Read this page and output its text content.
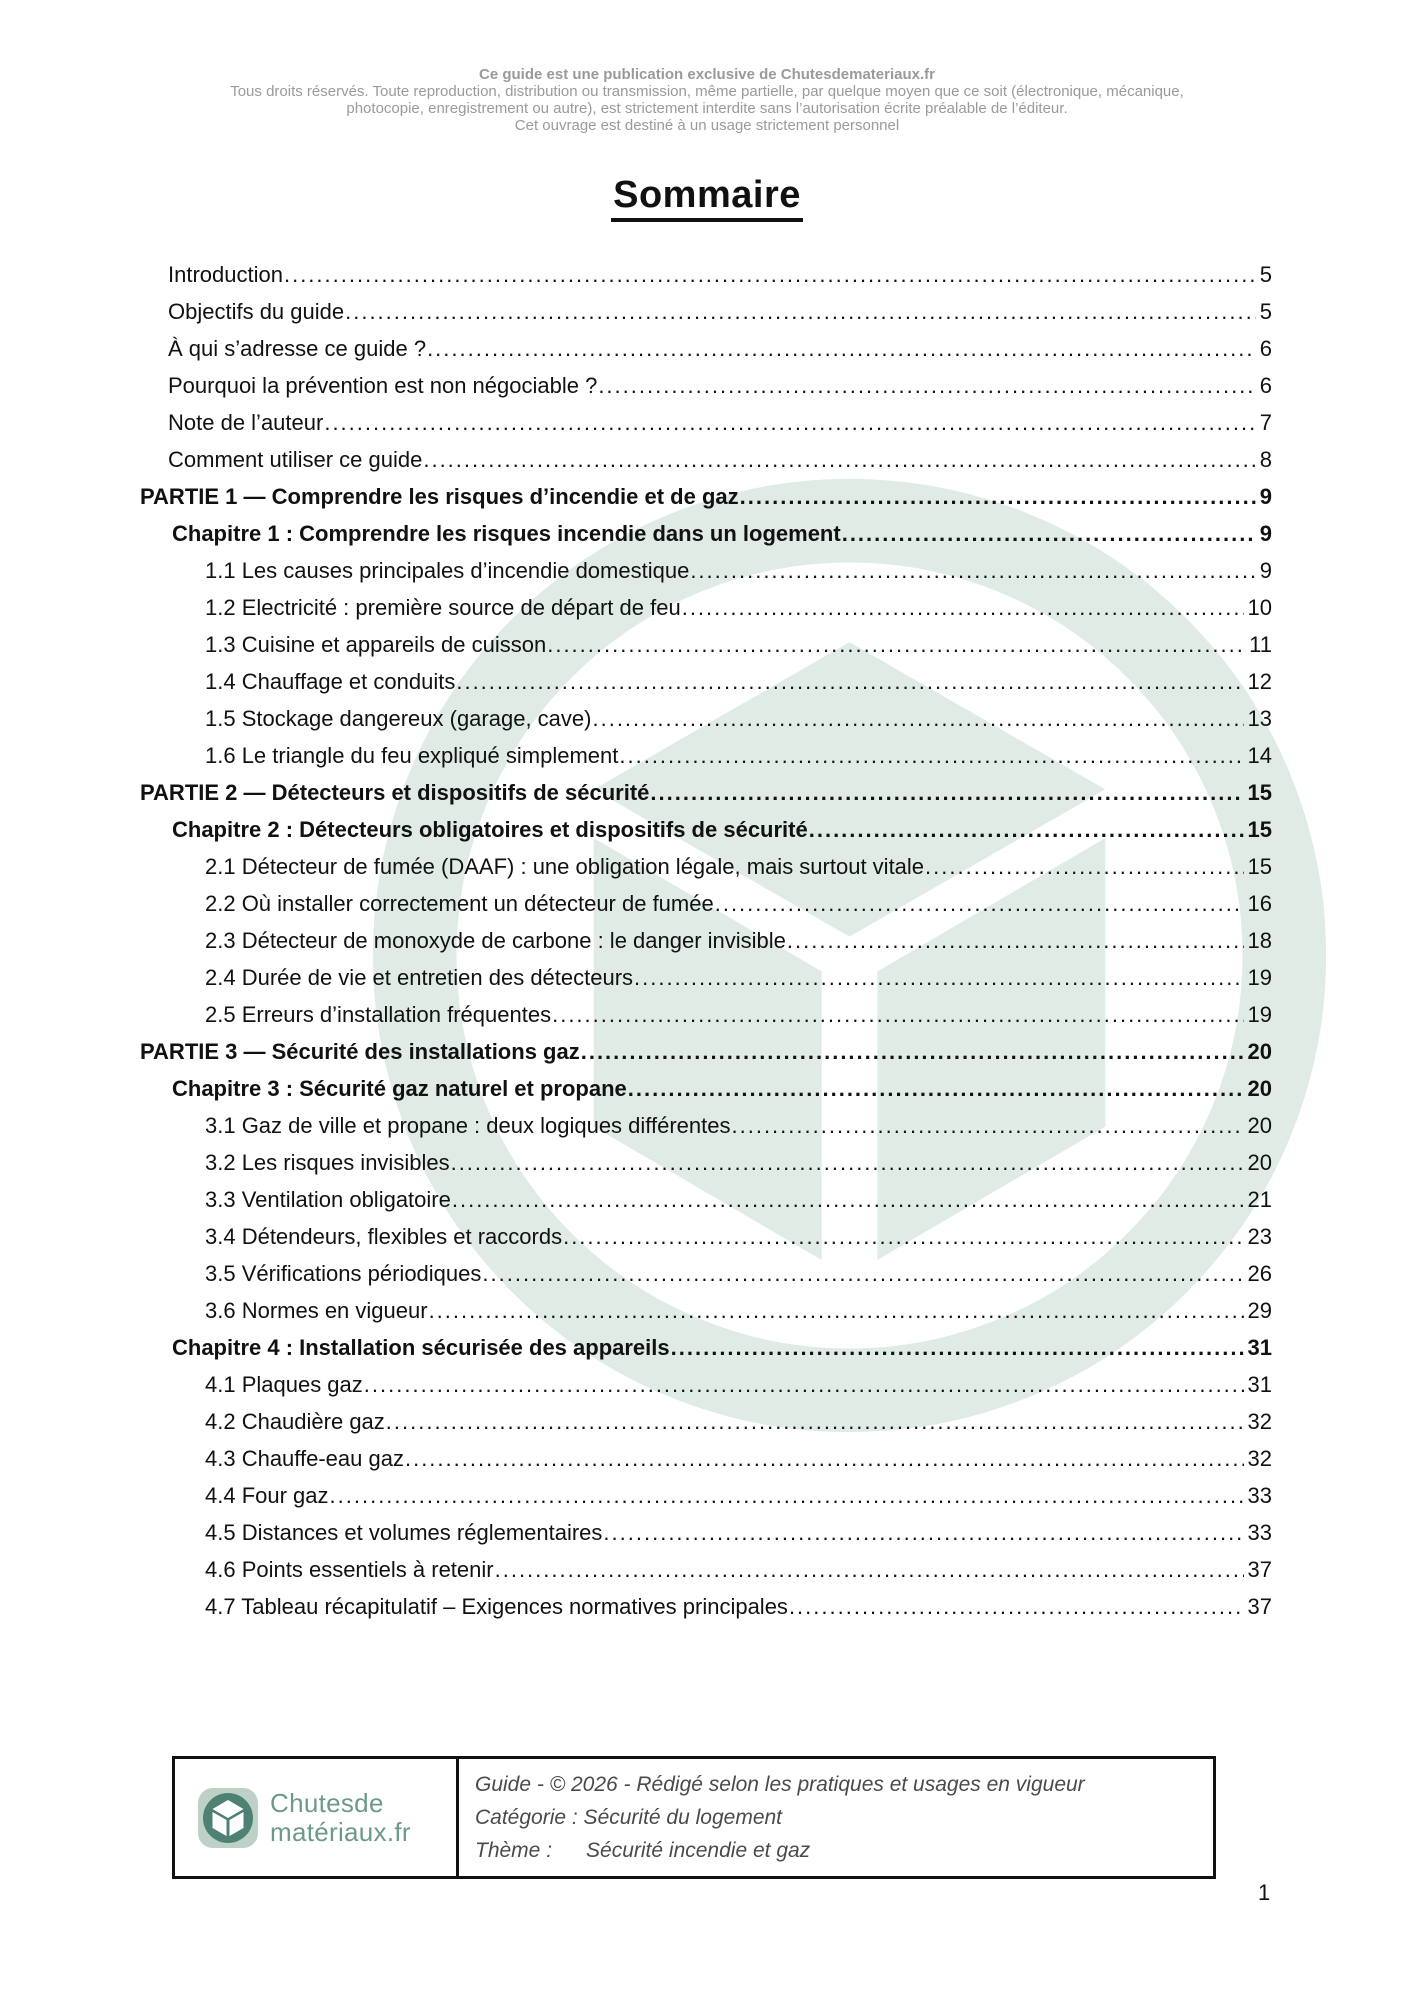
Ce guide est une publication exclusive de Chutesdemateriaux.fr
Tous droits réservés. Toute reproduction, distribution ou transmission, même partielle, par quelque moyen que ce soit (électronique, mécanique,
photocopie, enregistrement ou autre), est strictement interdite sans l’autorisation écrite préalable de l’éditeur.
Cet ouvrage est destiné à un usage strictement personnel
Sommaire
Introduction .....	5
Objectifs du guide .....	5
À qui s’adresse ce guide ? .....	6
Pourquoi la prévention est non négociable ? .....	6
Note de l’auteur .....	7
Comment utiliser ce guide .....	8
PARTIE 1 — Comprendre les risques d’incendie et de gaz .....	9
Chapitre 1 : Comprendre les risques incendie dans un logement .....	9
1.1 Les causes principales d’incendie domestique .....	9
1.2 Electricité : première source de départ de feu .....	10
1.3 Cuisine et appareils de cuisson .....	11
1.4 Chauffage et conduits .....	12
1.5 Stockage dangereux (garage, cave) .....	13
1.6 Le triangle du feu expliqué simplement .....	14
PARTIE 2 — Détecteurs et dispositifs de sécurité .....	15
Chapitre 2 : Détecteurs obligatoires et dispositifs de sécurité .....	15
2.1 Détecteur de fumée (DAAF) : une obligation légale, mais surtout vitale .....	15
2.2 Où installer correctement un détecteur de fumée .....	16
2.3 Détecteur de monoxyde de carbone : le danger invisible .....	18
2.4 Durée de vie et entretien des détecteurs .....	19
2.5 Erreurs d’installation fréquentes .....	19
PARTIE 3 — Sécurité des installations gaz .....	20
Chapitre 3 : Sécurité gaz naturel et propane .....	20
3.1 Gaz de ville et propane : deux logiques différentes .....	20
3.2 Les risques invisibles .....	20
3.3 Ventilation obligatoire .....	21
3.4 Détendeurs, flexibles et raccords .....	23
3.5 Vérifications périodiques .....	26
3.6 Normes en vigueur .....	29
Chapitre 4 : Installation sécurisée des appareils .....	31
4.1 Plaques gaz .....	31
4.2 Chaudière gaz .....	32
4.3 Chauffe-eau gaz .....	32
4.4 Four gaz .....	33
4.5 Distances et volumes réglementaires .....	33
4.6 Points essentiels à retenir .....	37
4.7 Tableau récapitulatif – Exigences normatives principales .....	37
Chutesde
matériaux.fr
Guide - © 2026 - Rédigé selon les pratiques et usages en vigueur
Catégorie : Sécurité du logement
Thème : Sécurité incendie et gaz
1
